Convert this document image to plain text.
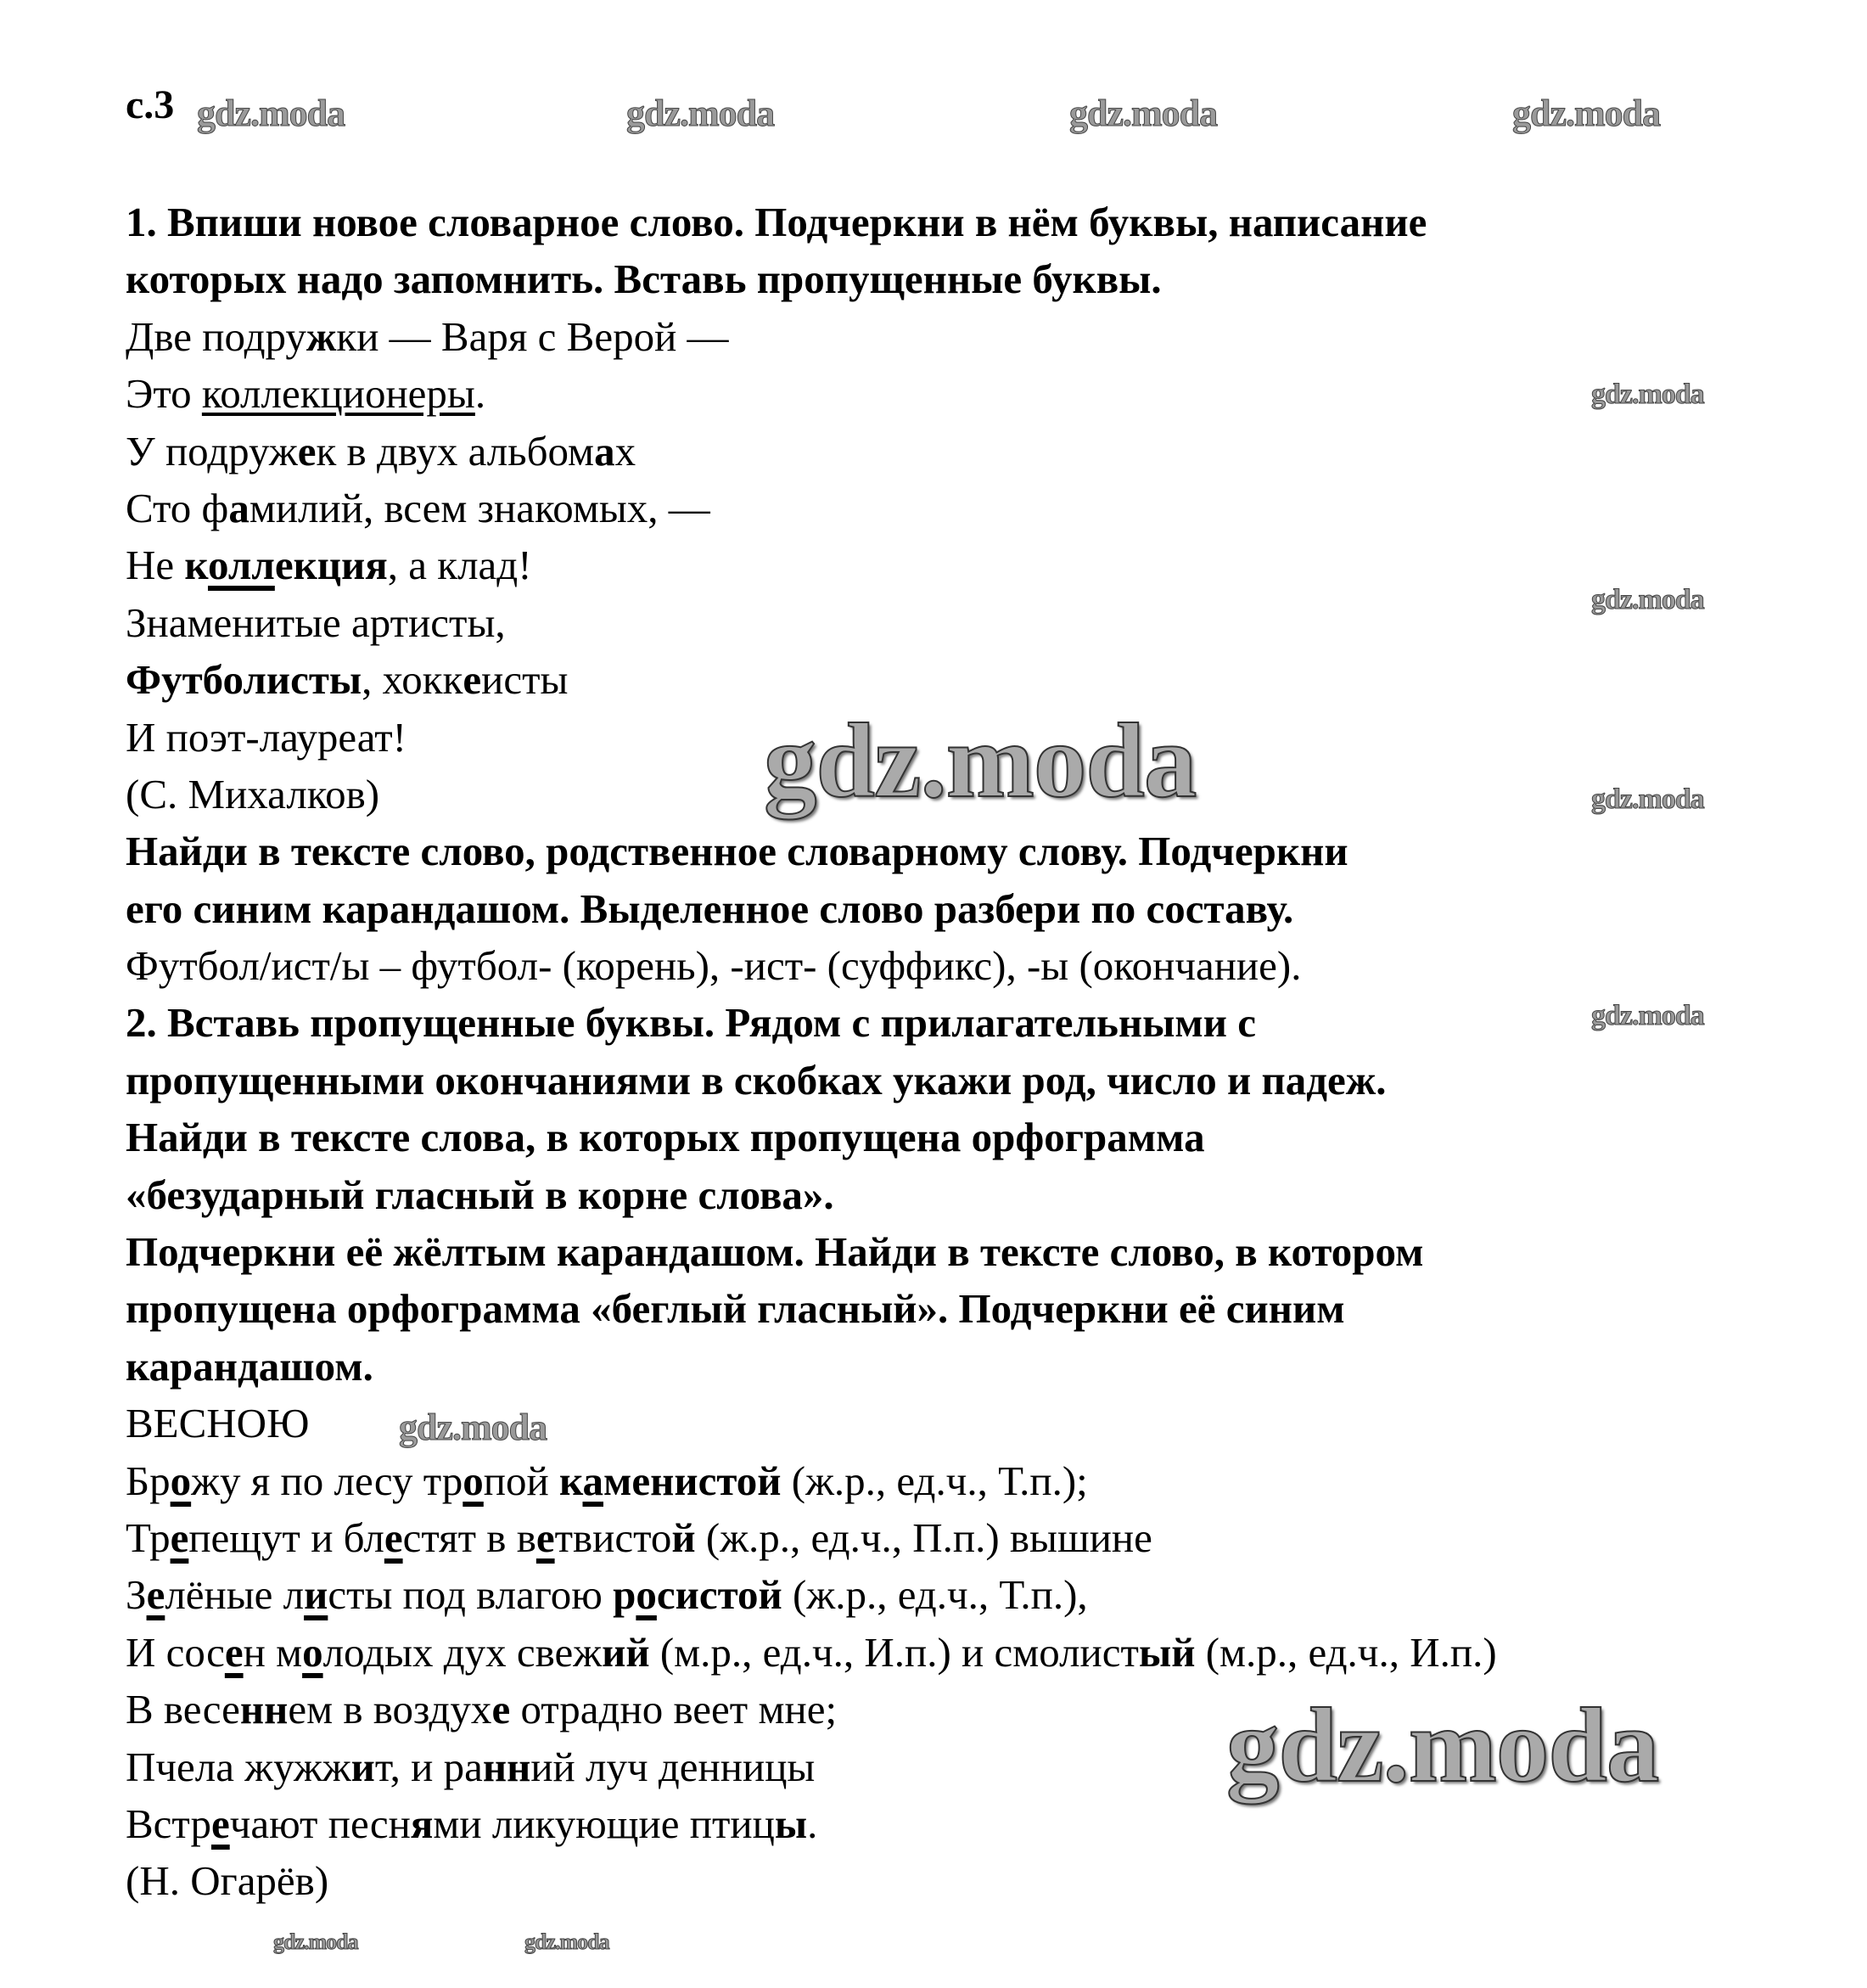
с.3 gdz.moda	gdz.moda	gdz.moda	gdz.moda
gdz.moda
gdz.moda
gdz.moda
gdz.moda
gdz.moda
gdz.moda	gdz.moda
1. Впиши новое словарное слово. Подчеркни в нём буквы, написание
которых надо запомнить. Вставь пропущенные буквы.
Две подружки — Варя с Верой —
Это коллекционеры.
У подружек в двух альбомах
Сто фамилий, всем знакомых, —
Не коллекция, а клад!
Знаменитые артисты,
Футболисты, хоккеисты
И поэт-лауреат!
(С. Михалков)
Найди в тексте слово, родственное словарному слову. Подчеркни
его синим карандашом. Выделенное слово разбери по составу.
Футбол/ист/ы – футбол- (корень), -ист- (суффикс), -ы (окончание).
2. Вставь пропущенные буквы. Рядом с прилагательными с
пропущенными окончаниями в скобках укажи род, число и падеж.
Найди в тексте слова, в которых пропущена орфограмма
«безударный гласный в корне слова».
Подчеркни её жёлтым карандашом. Найди в тексте слово, в котором
пропущена орфограмма «беглый гласный». Подчеркни её синим
карандашом.
ВЕСНОЮ
Брожу я по лесу тропой каменистой (ж.р., ед.ч., Т.п.);
Трепещут и блестят в ветвистой (ж.р., ед.ч., П.п.) вышине
Зелёные листы под влагою росистой (ж.р., ед.ч., Т.п.),
И сосен молодых дух свежий (м.р., ед.ч., И.п.) и смолистый (м.р., ед.ч., И.п.)
В весеннем в воздухе отрадно веет мне;
Пчела жужжит, и ранний луч денницы
Встречают песнями ликующие птицы.
(Н. Огарёв)
gdz.moda
gdz.moda
